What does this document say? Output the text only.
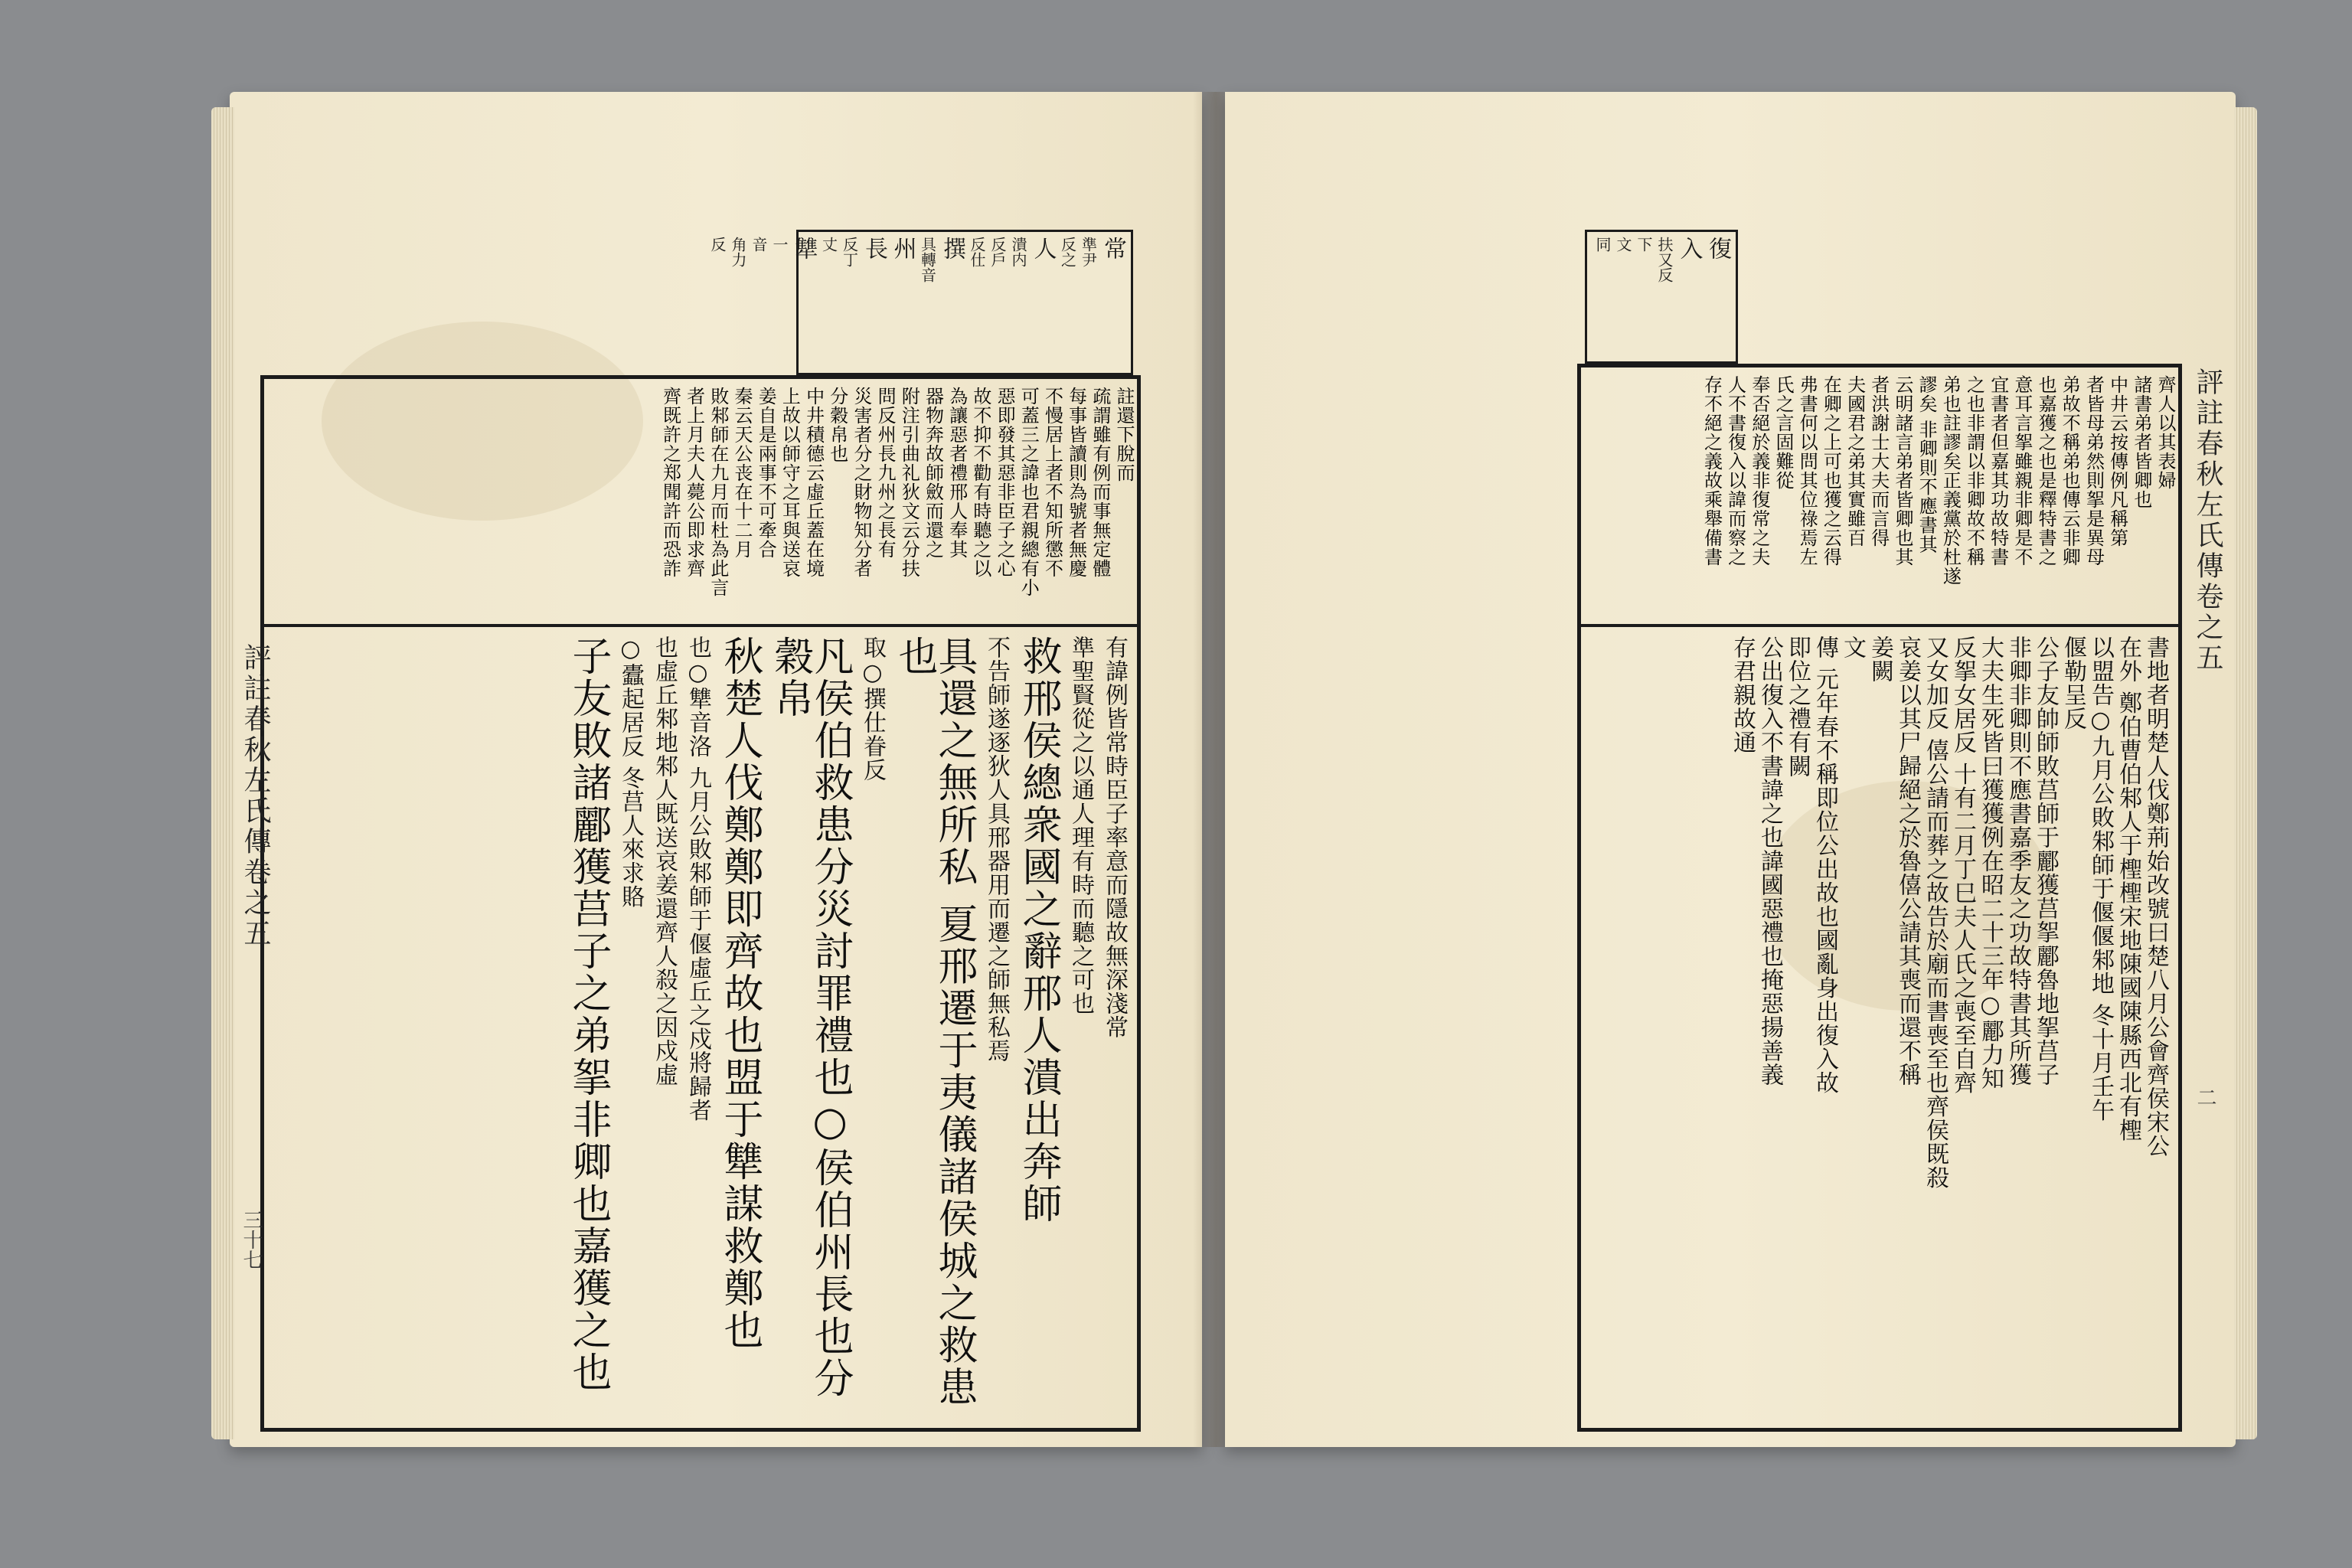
常
準尹
反之
人
潰内
反戶
反仕
撰
具轉音
州
長
反丁
丈
犨
一
音
角力
反
註還下脫而
疏謂雖有例而事無定體
每事皆讀則為號者無慶
不慢居上者不知所懲不
可蓋三之諱也君親總有小
惡即發其惡非臣子之心
故不抑不勸有時聽之以
為讓惡者禮邢人奉其
器物奔故師斂而還之
附注引曲礼狄文云分扶
問反州長九州之長有
災害者分之財物知分者
分穀帛也
中井積德云虛丘蓋在境
上故以師守之耳與送哀
姜自是兩事不可牽合
秦云天公丧在十二月
敗邾師在九月而杜為此言
者上月夫人薨公即求齊
齊既許之郑聞許而恐詐
有諱例皆常時臣子率意而隱故無深淺常
準聖賢從之以通人理有時而聽之可也
救邢侯總衆國之辭邢人潰出奔師
不告師遂逐狄人具邢器用而遷之師無私焉
具還之無所私 夏邢遷于夷儀諸侯城之救患也
取○撰仕眷反
凡侯伯救患分災討罪禮也○侯伯州長也分穀帛
秋楚人伐鄭鄭即齊故也盟于犨謀救鄭也
也○犨音洛 九月公敗邾師于偃虛丘之戍將歸者
也虛丘邾地邾人既送哀姜還齊人殺之因戍虛
○蠹起居反 冬莒人來求賂
子友敗諸酈獲莒子之弟挐非卿也嘉獲之也
評註春秋左氏傳卷之五
三十七
復
入
扶又反
下
文
同
齊人以其表婦
諸書弟者皆卿也
中井云按傳例凡稱第
者皆母弟然則挐是異母
弟故不稱弟也傳云非卿
也嘉獲之也是釋特書之
意耳言挐雖親非卿是不
宜書者但嘉其功故特書
之也非謂以非卿故不稱
弟也註謬矣正義黨於杜遂
謬矣 非卿則不應書其
云明諸言弟者皆卿也其
者洪謝士大夫而言得
夫國君之弟其實雖百
在卿之上可也獲之云得
弗書何以問其位祿焉左
氏之言固難從
奉否絕於義非復常之夫
人不書復入以諱而察之
存不絕之義故乘舉備書
書地者明楚人伐鄭荊始改號曰楚八月公會齊侯宋公
在外 鄭伯曹伯邾人于檉檉宋地陳國陳縣西北有檉
以盟告○九月公敗邾師于偃偃邾地 冬十月壬午
偃勒呈反
公子友帥師敗莒師于酈獲莒挐酈魯地挐莒子
非卿非卿則不應書嘉季友之功故特書其所獲
大夫生死皆曰獲獲例在昭二十三年○酈力知
反挐女居反 十有二月丁巳夫人氏之喪至自齊
又女加反 僖公請而葬之故告於廟而書喪至也齊侯既殺
哀姜以其尸歸絕之於魯僖公請其喪而還不稱
姜闕
文
傳 元年春不稱即位公出故也國亂身出復入故
即位之禮有闕
公出復入不書諱之也諱國惡禮也掩惡揚善義
存君親故通
評註春秋左氏傳卷之五
二
